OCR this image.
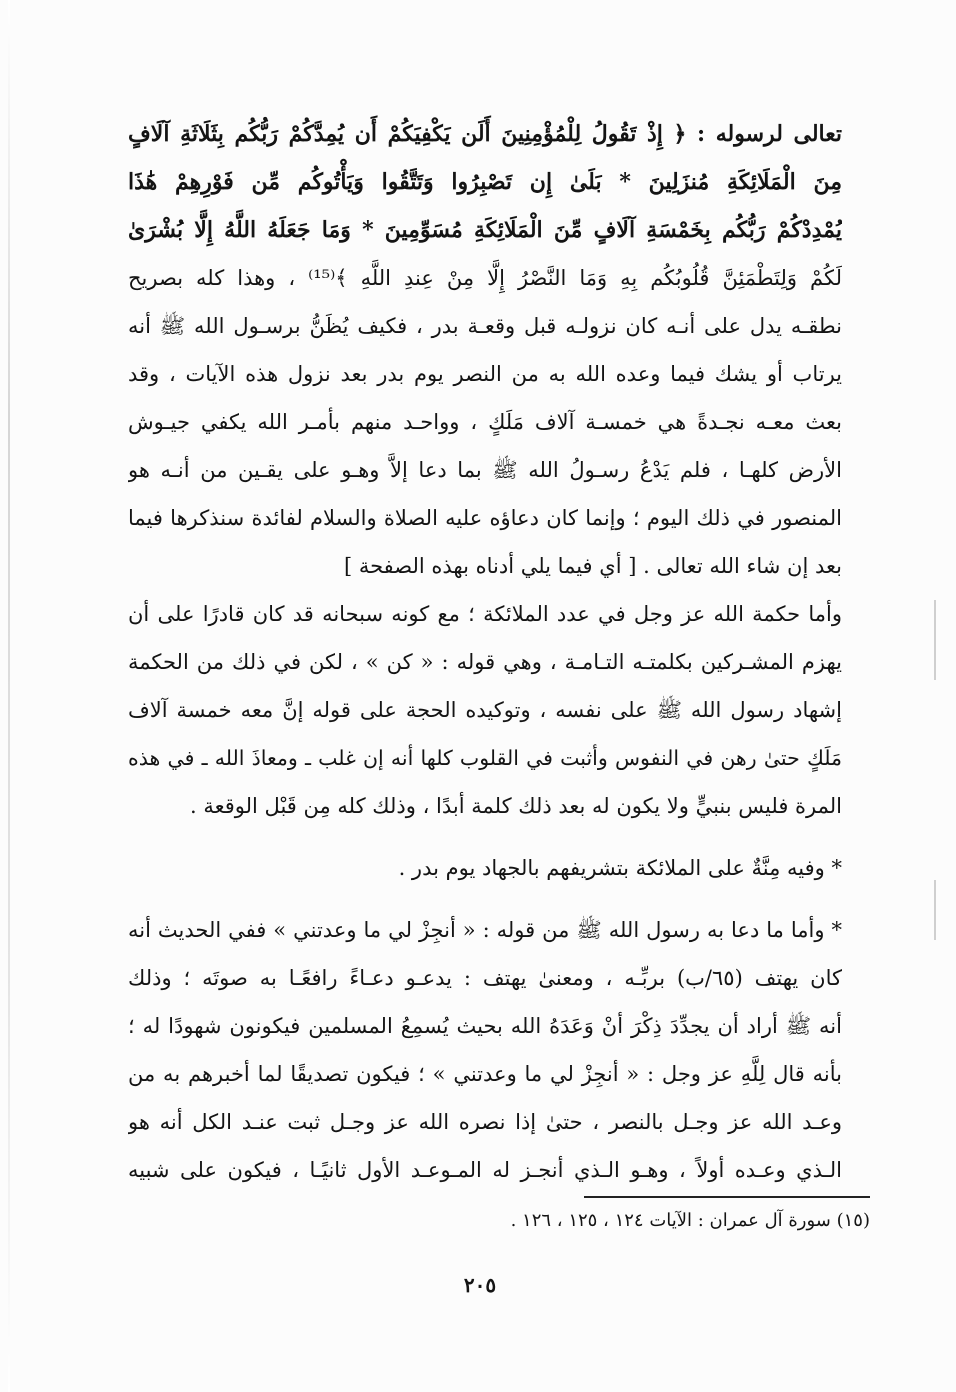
تعالى لرسوله : ﴿ إِذْ تَقُولُ لِلْمُؤْمِنِينَ أَلَن يَكْفِيَكُمْ أَن يُمِدَّكُمْ رَبُّكُم بِثَلَاثَةِ آلَافٍ
مِنَ الْمَلَائِكَةِ مُنزَلِينَ * بَلَىٰ إِن تَصْبِرُوا وَتَتَّقُوا وَيَأْتُوكُم مِّن فَوْرِهِمْ هَٰذَا
يُمْدِدْكُمْ رَبُّكُم بِخَمْسَةِ آلَافٍ مِّنَ الْمَلَائِكَةِ مُسَوِّمِينَ * وَمَا جَعَلَهُ اللَّهُ إِلَّا بُشْرَىٰ
لَكُمْ وَلِتَطْمَئِنَّ قُلُوبُكُم بِهِ وَمَا النَّصْرُ إِلَّا مِنْ عِندِ اللَّهِ ﴾⁽¹⁵⁾ ، وهذا كله بصريح
نطقـه يدل على أنـه كان نزولـه قبل وقعـة بدر ، فكيف يُظَنُّ برسـول الله ﷺ أنه
يرتاب أو يشك فيما وعده الله به من النصر يوم بدر بعد نزول هذه الآيات ، وقد
بعث معـه نجـدةً هي خمسـة آلاف مَلَكٍ ، وواحـد منهم بأمـر الله يكفي جيـوش
الأرض كلهـا ، فلم يَدْعُ رسـولُ الله ﷺ بما دعا إلاَّ وهـو على يقـين من أنـه هو
المنصور في ذلك اليوم ؛ وإنما كان دعاؤه عليه الصلاة والسلام لفائدة سنذكرها فيما
بعد إن شاء الله تعالى . [ أي فيما يلي أدناه بهذه الصفحة ]
وأما حكمة الله عز وجل في عدد الملائكة ؛ مع كونه سبحانه قد كان قادرًا على أن
يهزم المشـركين بكلمتـه التـامـة ، وهي قوله : « كن » ، لكن في ذلك من الحكمة
إشهاد رسول الله ﷺ على نفسه ، وتوكيده الحجة على قوله إنَّ معه خمسة آلاف
مَلَكٍ حتىٰ رهن في النفوس وأثبت في القلوب كلها أنه إن غلب ـ ومعاذَ الله ـ في هذه
المرة فليس بنبيٍّ ولا يكون له بعد ذلك كلمة أبدًا ، وذلك كله مِن قَبْل الوقعة .
* وفيه مِنَّةٌ على الملائكة بتشريفهم بالجهاد يوم بدر .
* وأما ما دعا به رسول الله ﷺ من قوله : « أنجِزْ لي ما وعدتني » ففي الحديث أنه
كان يهتف (٦٥/ب) بربِّـه ، ومعنىٰ يهتف : يدعـو دعـاءً رافعًـا به صوتَه ؛ وذلك
أنه ﷺ أراد أن يجدِّدَ ذِكْرَ أنْ وَعَدَهُ الله بحيث يُسمِعُ المسلمين فيكونون شهودًا له ؛
بأنه قال لِلَّهِ عز وجل : « أنجِزْ لي ما وعدتني » ؛ فيكون تصديقًا لما أخبرهم به من
وعـد الله عز وجـل بالنصر ، حتىٰ إذا نصره الله عز وجـل ثبت عنـد الكل أنه هو
الـذي وعـده أولاً ، وهـو الـذي أنجـز له المـوعـد الأول ثانيًـا ، فيكون على شبيه
(١٥) سورة آل عمران : الآيات ١٢٤ ، ١٢٥ ، ١٢٦ .
٢٠٥
